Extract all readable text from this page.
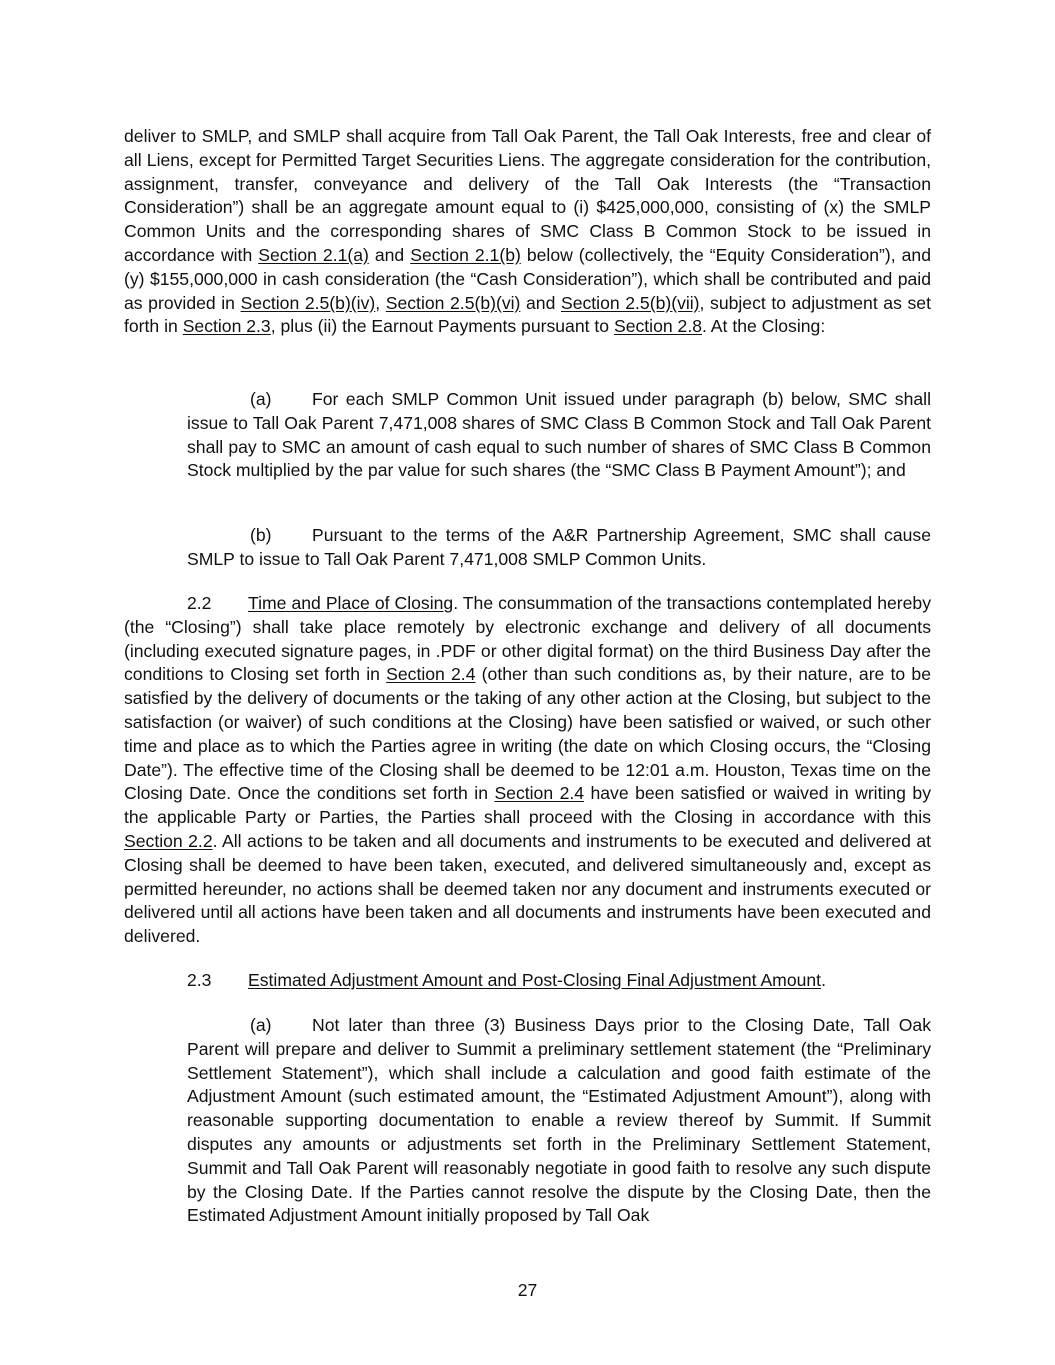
deliver to SMLP, and SMLP shall acquire from Tall Oak Parent, the Tall Oak Interests, free and clear of all Liens, except for Permitted Target Securities Liens. The aggregate consideration for the contribution, assignment, transfer, conveyance and delivery of the Tall Oak Interests (the “Transaction Consideration”) shall be an aggregate amount equal to (i) $425,000,000, consisting of (x) the SMLP Common Units and the corresponding shares of SMC Class B Common Stock to be issued in accordance with Section 2.1(a) and Section 2.1(b) below (collectively, the “Equity Consideration”), and (y) $155,000,000 in cash consideration (the “Cash Consideration”), which shall be contributed and paid as provided in Section 2.5(b)(iv), Section 2.5(b)(vi) and Section 2.5(b)(vii), subject to adjustment as set forth in Section 2.3, plus (ii) the Earnout Payments pursuant to Section 2.8. At the Closing:
(a) For each SMLP Common Unit issued under paragraph (b) below, SMC shall issue to Tall Oak Parent 7,471,008 shares of SMC Class B Common Stock and Tall Oak Parent shall pay to SMC an amount of cash equal to such number of shares of SMC Class B Common Stock multiplied by the par value for such shares (the “SMC Class B Payment Amount”); and
(b) Pursuant to the terms of the A&R Partnership Agreement, SMC shall cause SMLP to issue to Tall Oak Parent 7,471,008 SMLP Common Units.
2.2 Time and Place of Closing. The consummation of the transactions contemplated hereby (the “Closing”) shall take place remotely by electronic exchange and delivery of all documents (including executed signature pages, in .PDF or other digital format) on the third Business Day after the conditions to Closing set forth in Section 2.4 (other than such conditions as, by their nature, are to be satisfied by the delivery of documents or the taking of any other action at the Closing, but subject to the satisfaction (or waiver) of such conditions at the Closing) have been satisfied or waived, or such other time and place as to which the Parties agree in writing (the date on which Closing occurs, the “Closing Date”). The effective time of the Closing shall be deemed to be 12:01 a.m. Houston, Texas time on the Closing Date. Once the conditions set forth in Section 2.4 have been satisfied or waived in writing by the applicable Party or Parties, the Parties shall proceed with the Closing in accordance with this Section 2.2. All actions to be taken and all documents and instruments to be executed and delivered at Closing shall be deemed to have been taken, executed, and delivered simultaneously and, except as permitted hereunder, no actions shall be deemed taken nor any document and instruments executed or delivered until all actions have been taken and all documents and instruments have been executed and delivered.
2.3 Estimated Adjustment Amount and Post-Closing Final Adjustment Amount.
(a) Not later than three (3) Business Days prior to the Closing Date, Tall Oak Parent will prepare and deliver to Summit a preliminary settlement statement (the “Preliminary Settlement Statement”), which shall include a calculation and good faith estimate of the Adjustment Amount (such estimated amount, the “Estimated Adjustment Amount”), along with reasonable supporting documentation to enable a review thereof by Summit. If Summit disputes any amounts or adjustments set forth in the Preliminary Settlement Statement, Summit and Tall Oak Parent will reasonably negotiate in good faith to resolve any such dispute by the Closing Date. If the Parties cannot resolve the dispute by the Closing Date, then the Estimated Adjustment Amount initially proposed by Tall Oak
27
